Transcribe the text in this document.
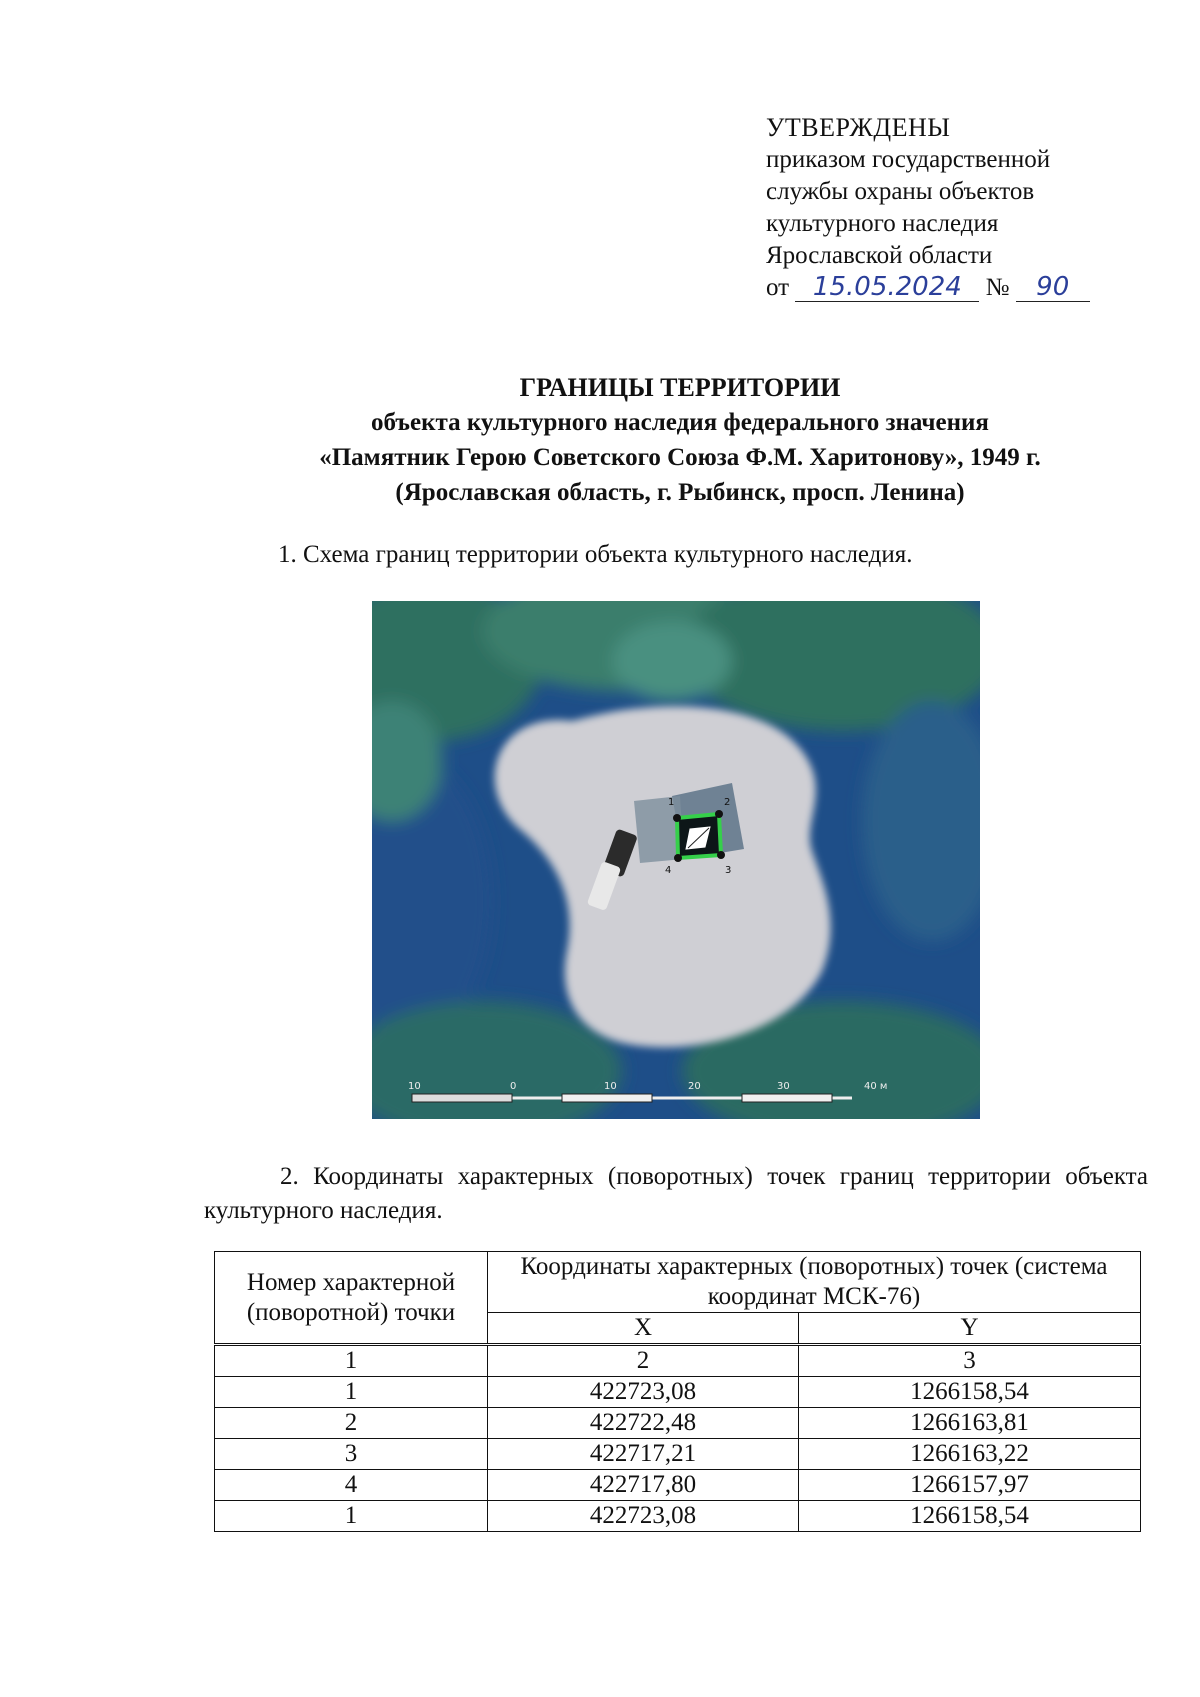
УТВЕРЖДЕНЫ
приказом государственной
службы охраны объектов
культурного наследия
Ярославской области
от 15.05.2024 № 90
ГРАНИЦЫ ТЕРРИТОРИИ
объекта культурного наследия федерального значения
«Памятник Герою Советского Союза Ф.М. Харитонову», 1949 г.
(Ярославская область, г. Рыбинск, просп. Ленина)
1. Схема границ территории объекта культурного наследия.
10	0	10	20	30	40 м
1	2
3
4
2. Координаты характерных (поворотных) точек границ территории объекта культурного наследия.
Номер характерной (поворотной) точки	Координаты характерных (поворотных) точек (система координат МСК-76)	
	X	Y
1	2	3
1	422723,08	1266158,54
2	422722,48	1266163,81
3	422717,21	1266163,22
4	422717,80	1266157,97
1	422723,08	1266158,54
